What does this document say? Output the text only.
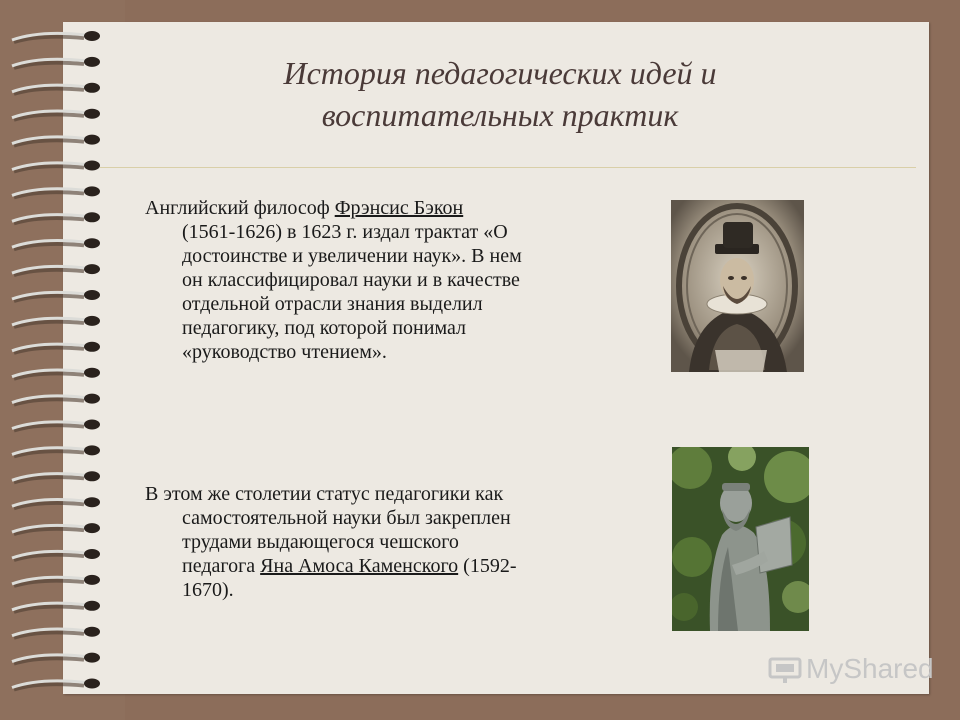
История педагогических идей и
воспитательных практик
Английский философ Фрэнсис Бэкон
(1561-1626) в 1623 г. издал трактат «О
достоинстве и увеличении наук». В нем
он классифицировал науки и в качестве
отдельной отрасли знания выделил
педагогику, под которой понимал
«руководство чтением».
В этом же столетии статус педагогики как
самостоятельной науки был закреплен
трудами выдающегося чешского
педагога Яна Амоса Каменского (1592-
1670).
MyShared
